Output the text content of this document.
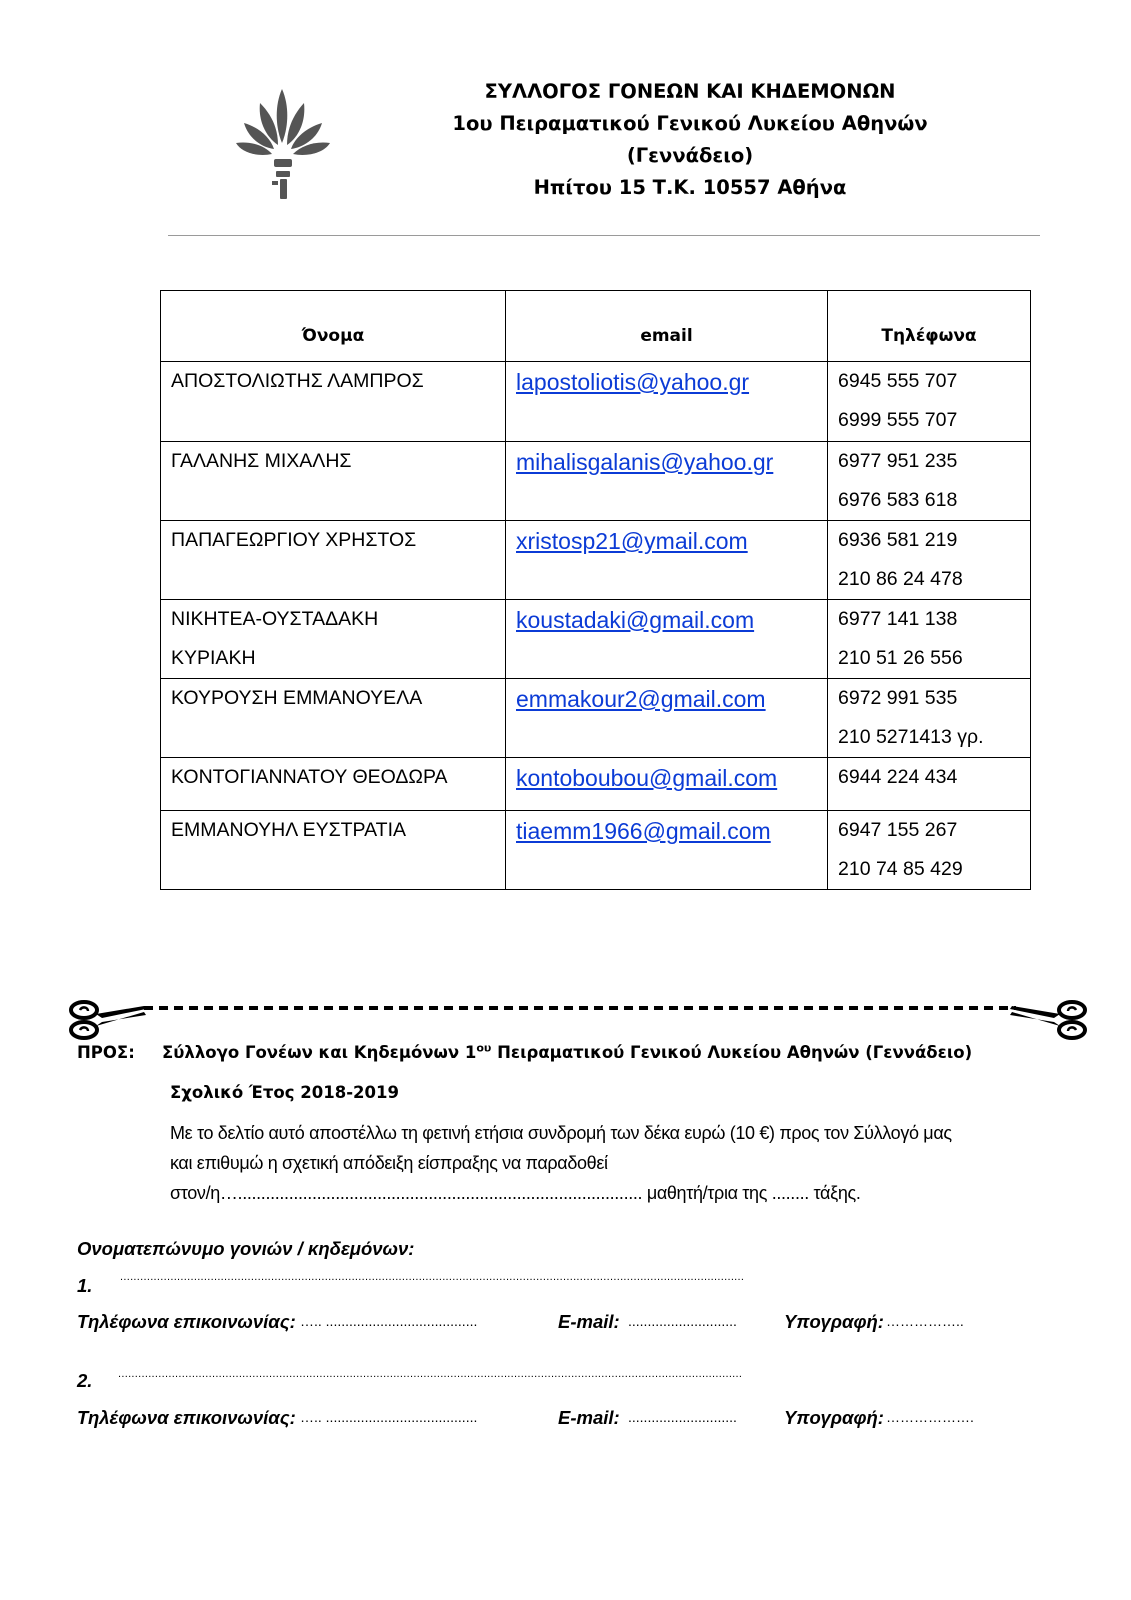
ΣΥΛΛΟΓΟΣ ΓΟΝΕΩΝ ΚΑΙ ΚΗΔΕΜΟΝΩΝ
1ου Πειραματικού Γενικού Λυκείου Αθηνών
(Γεννάδειο)
Ηπίτου 15 Τ.Κ. 10557 Αθήνα
Όνομα	email	Τηλέφωνα

ΑΠΟΣΤΟΛΙΩΤΗΣ ΛΑΜΠΡΟΣ	lapostoliotis@yahoo.gr	6945 555 707
6999 555 707

ΓΑΛΑΝΗΣ ΜΙΧΑΛΗΣ	mihalisgalanis@yahoo.gr	6977 951 235
6976 583 618

ΠΑΠΑΓΕΩΡΓΙΟΥ ΧΡΗΣΤΟΣ	xristosp21@ymail.com	6936 581 219
210 86 24 478

ΝΙΚΗΤΕΑ-ΟΥΣΤΑΔΑΚΗ
ΚΥΡΙΑΚΗ	koustadaki@gmail.com	6977 141 138
210 51 26 556

ΚΟΥΡΟΥΣΗ ΕΜΜΑΝΟΥΕΛΑ	emmakour2@gmail.com	6972 991 535
210 5271413 γρ.

ΚΟΝΤΟΓΙΑΝΝΑΤΟΥ ΘΕΟΔΩΡΑ	kontoboubou@gmail.com	6944 224 434

ΕΜΜΑΝΟΥΗΛ ΕΥΣΤΡΑΤΙΑ	tiaemm1966@gmail.com	6947 155 267
210 74 85 429
ΠΡΟΣ: Σύλλογο Γονέων και Κηδεμόνων $1^{o\upsilon}$ Πειραματικού Γενικού Λυκείου Αθηνών (Γεννάδειο)
Σχολικό Έτος 2018-2019
Με το δελτίο αυτό αποστέλλω τη φετινή ετήσια συνδρομή των δέκα ευρώ (10 €) προς τον Σύλλογό μας
και επιθυμώ η σχετική απόδειξη είσπραξης να παραδοθεί
στον/η…....................................................................................... μαθητή/τρια της ........ τάξης.
Ονοματεπώνυμο γονιών / κηδεμόνων:
1.	..........................................................................................................................................................................................
Τηλέφωνα επικοινωνίας: ….. .......................................	E-mail: ............................	Υπογραφή: ……………..
2. ..........................................................................................................................................................................................
Τηλέφωνα επικοινωνίας: ….. .......................................	E-mail: ............................	Υπογραφή: ……………….
